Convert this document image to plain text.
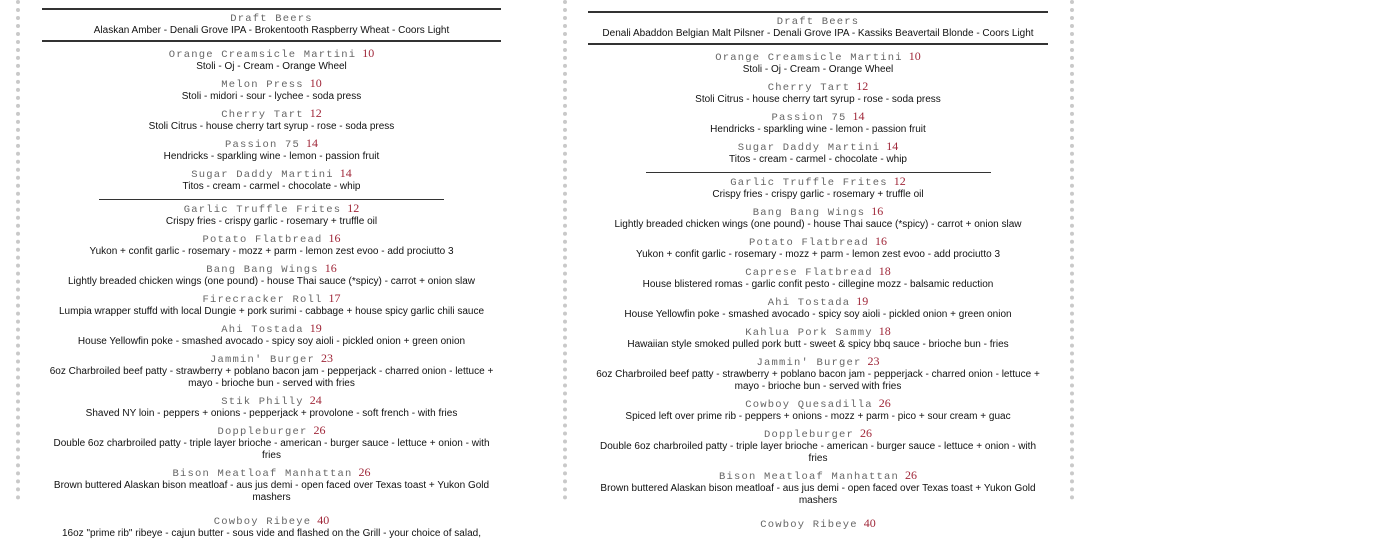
Draft Beers
Alaskan Amber - Denali Grove IPA - Brokentooth Raspberry Wheat - Coors Light
Orange Creamsicle Martini 10
Stoli - Oj - Cream - Orange Wheel
Melon Press 10
Stoli - midori - sour - lychee - soda press
Cherry Tart 12
Stoli Citrus - house cherry tart syrup - rose - soda press
Passion 75 14
Hendricks - sparkling wine - lemon - passion fruit
Sugar Daddy Martini 14
Titos - cream - carmel - chocolate - whip
Garlic Truffle Frites 12
Crispy fries - crispy garlic - rosemary + truffle oil
Potato Flatbread 16
Yukon + confit garlic - rosemary - mozz + parm - lemon zest evoo - add prociutto 3
Bang Bang Wings 16
Lightly breaded chicken wings (one pound) - house Thai sauce (*spicy) - carrot + onion slaw
Firecracker Roll 17
Lumpia wrapper stuffd with local Dungie + pork surimi - cabbage + house spicy garlic chili sauce
Ahi Tostada 19
House Yellowfin poke - smashed avocado - spicy soy aioli - pickled onion + green onion
Jammin' Burger 23
6oz Charbroiled beef patty - strawberry + poblano bacon jam - pepperjack - charred onion - lettuce + mayo - brioche bun - served with fries
Stik Philly 24
Shaved NY loin - peppers + onions - pepperjack + provolone - soft french - with fries
Doppleburger 26
Double 6oz charbroiled patty - triple layer brioche - american - burger sauce - lettuce + onion - with fries
Bison Meatloaf Manhattan 26
Brown buttered Alaskan bison meatloaf - aus jus demi - open faced over Texas toast + Yukon Gold mashers
Cowboy Ribeye 40
16oz "prime rib" ribeye - cajun butter - sous vide and flashed on the Grill - your choice of salad,
Draft Beers
Denali Abaddon Belgian Malt Pilsner - Denali Grove IPA - Kassiks Beavertail Blonde - Coors Light
Orange Creamsicle Martini 10
Stoli - Oj - Cream - Orange Wheel
Cherry Tart 12
Stoli Citrus - house cherry tart syrup - rose - soda press
Passion 75 14
Hendricks - sparkling wine - lemon - passion fruit
Sugar Daddy Martini 14
Titos - cream - carmel - chocolate - whip
Garlic Truffle Frites 12
Crispy fries - crispy garlic - rosemary + truffle oil
Bang Bang Wings 16
Lightly breaded chicken wings (one pound) - house Thai sauce (*spicy) - carrot + onion slaw
Potato Flatbread 16
Yukon + confit garlic - rosemary - mozz + parm - lemon zest evoo - add prociutto 3
Caprese Flatbread 18
House blistered romas - garlic confit pesto - cillegine mozz - balsamic reduction
Ahi Tostada 19
House Yellowfin poke - smashed avocado - spicy soy aioli - pickled onion + green onion
Kahlua Pork Sammy 18
Hawaiian style smoked pulled pork butt - sweet & spicy bbq sauce - brioche bun - fries
Jammin' Burger 23
6oz Charbroiled beef patty - strawberry + poblano bacon jam - pepperjack - charred onion - lettuce + mayo - brioche bun - served with fries
Cowboy Quesadilla 26
Spiced left over prime rib - peppers + onions - mozz + parm - pico + sour cream + guac
Doppleburger 26
Double 6oz charbroiled patty - triple layer brioche - american - burger sauce - lettuce + onion - with fries
Bison Meatloaf Manhattan 26
Brown buttered Alaskan bison meatloaf - aus jus demi - open faced over Texas toast + Yukon Gold mashers
Cowboy Ribeye 40
